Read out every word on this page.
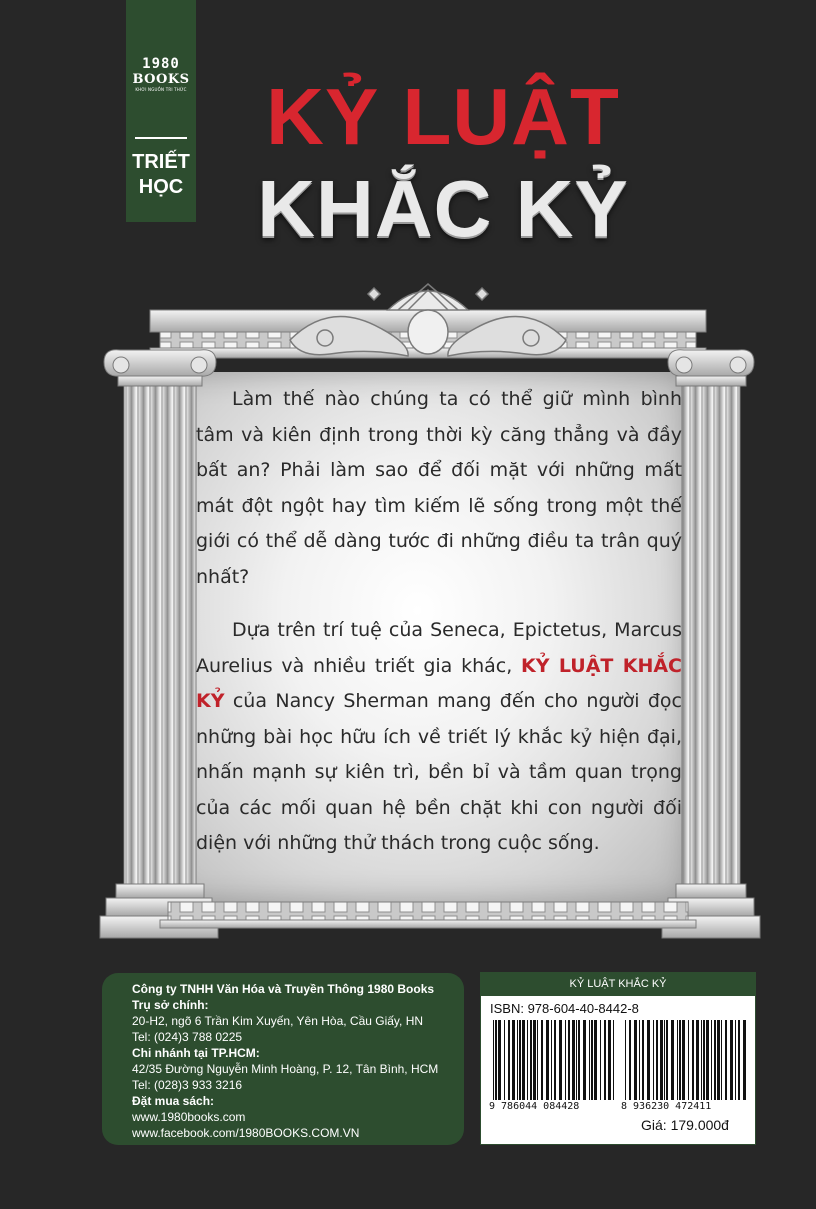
1980
BOOKS
KHƠI NGUỒN TRI THỨC
TRIẾT
HỌC
KỶ LUẬT
KHẮC KỶ

Làm thế nào chúng ta có thể giữ mình bình tâm và kiên định trong thời kỳ căng thẳng và đầy bất an? Phải làm sao để đối mặt với những mất mát đột ngột hay tìm kiếm lẽ sống trong một thế giới có thể dễ dàng tước đi những điều ta trân quý nhất?

Dựa trên trí tuệ của Seneca, Epictetus, Marcus Aurelius và nhiều triết gia khác, KỶ LUẬT KHẮC KỶ của Nancy Sherman mang đến cho người đọc những bài học hữu ích về triết lý khắc kỷ hiện đại, nhấn mạnh sự kiên trì, bền bỉ và tầm quan trọng của các mối quan hệ bền chặt khi con người đối diện với những thử thách trong cuộc sống.

Công ty TNHH Văn Hóa và Truyền Thông 1980 Books
Trụ sở chính:
20-H2, ngõ 6 Trần Kim Xuyến, Yên Hòa, Cầu Giấy, HN
Tel: (024)3 788 0225
Chi nhánh tại TP.HCM:
42/35 Đường Nguyễn Minh Hoàng, P. 12, Tân Bình, HCM
Tel: (028)3 933 3216
Đặt mua sách:
www.1980books.com
www.facebook.com/1980BOOKS.COM.VN
KỶ LUẬT KHẮC KỶ
ISBN: 978-604-40-8442-8
9 786044 084428	8 936230 472411
Giá: 179.000đ
